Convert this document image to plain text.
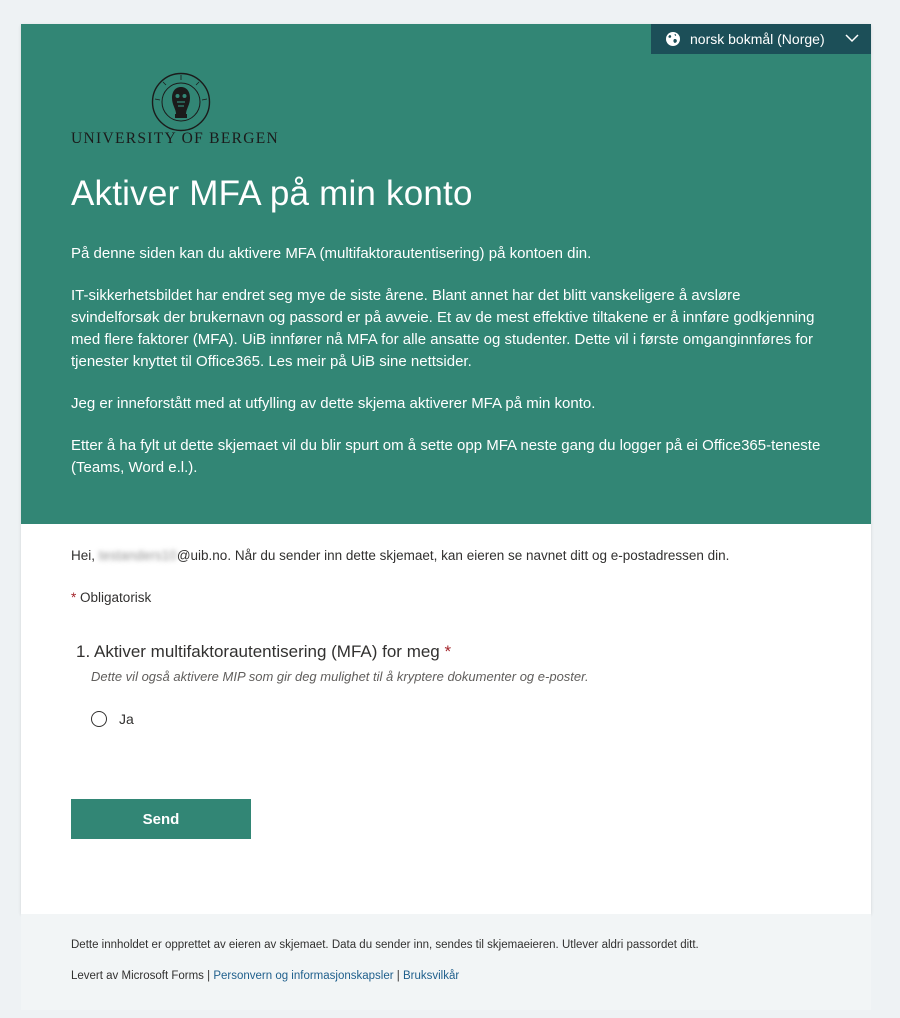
norsk bokmål (Norge)
UNIVERSITY OF BERGEN
Aktiver MFA på min konto

På denne siden kan du aktivere MFA (multifaktorautentisering) på kontoen din.

IT-sikkerhetsbildet har endret seg mye de siste årene. Blant annet har det blitt vanskeligere å avsløre svindelforsøk der brukernavn og passord er på avveie. Et av de mest effektive tiltakene er å innføre godkjenning med flere faktorer (MFA). UiB innfører nå MFA for alle ansatte og studenter. Dette vil i første omganginnføres for tjenester knyttet til Office365. Les meir på UiB sine nettsider.

Jeg er inneforstått med at utfylling av dette skjema aktiverer MFA på min konto.

Etter å ha fylt ut dette skjemaet vil du blir spurt om å sette opp MFA neste gang du logger på ei Office365-teneste (Teams, Word e.l.).

Hei, testanders10@uib.no. Når du sender inn dette skjemaet, kan eieren se navnet ditt og e-postadressen din.
* Obligatorisk
1. Aktiver multifaktorautentisering (MFA) for meg *
Dette vil også aktivere MIP som gir deg mulighet til å kryptere dokumenter og e-poster.
Ja
Send
Dette innholdet er opprettet av eieren av skjemaet. Data du sender inn, sendes til skjemaeieren. Utlever aldri passordet ditt.
Levert av Microsoft Forms | Personvern og informasjonskapsler | Bruksvilkår
